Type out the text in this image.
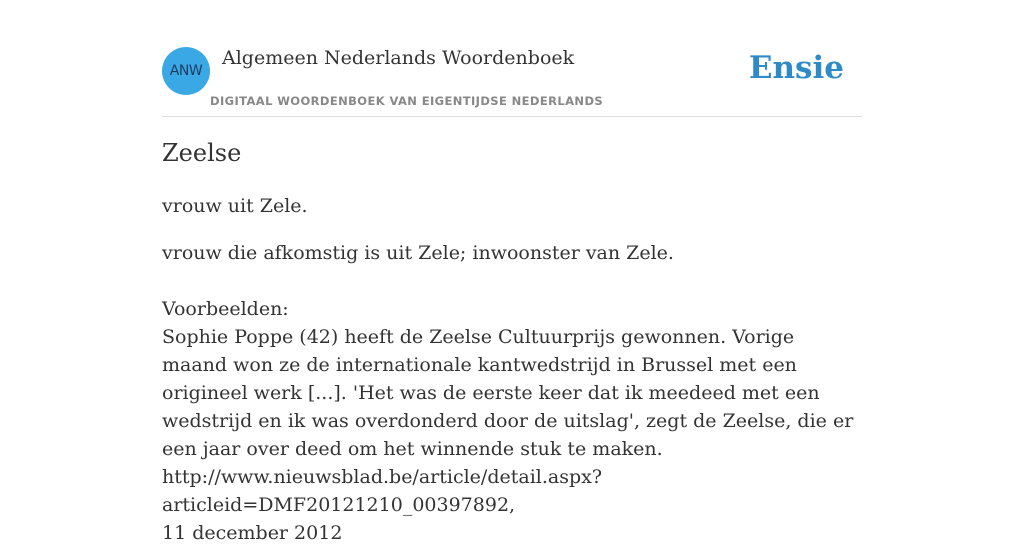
ANW
Algemeen Nederlands Woordenboek
DIGITAAL WOORDENBOEK VAN EIGENTIJDSE NEDERLANDS
Ensie
Zeelse

vrouw uit Zele.

vrouw die afkomstig is uit Zele; inwoonster van Zele.

Voorbeelden:
Sophie Poppe (42) heeft de Zeelse Cultuurprijs gewonnen. Vorige maand won ze de internationale kantwedstrijd in Brussel met een origineel werk [...]. 'Het was de eerste keer dat ik meedeed met een wedstrijd en ik was overdonderd door de uitslag', zegt de Zeelse, die er een jaar over deed om het winnende stuk te maken.
http://www.nieuwsblad.be/article/detail.aspx?articleid=DMF20121210_00397892,
11 december 2012
